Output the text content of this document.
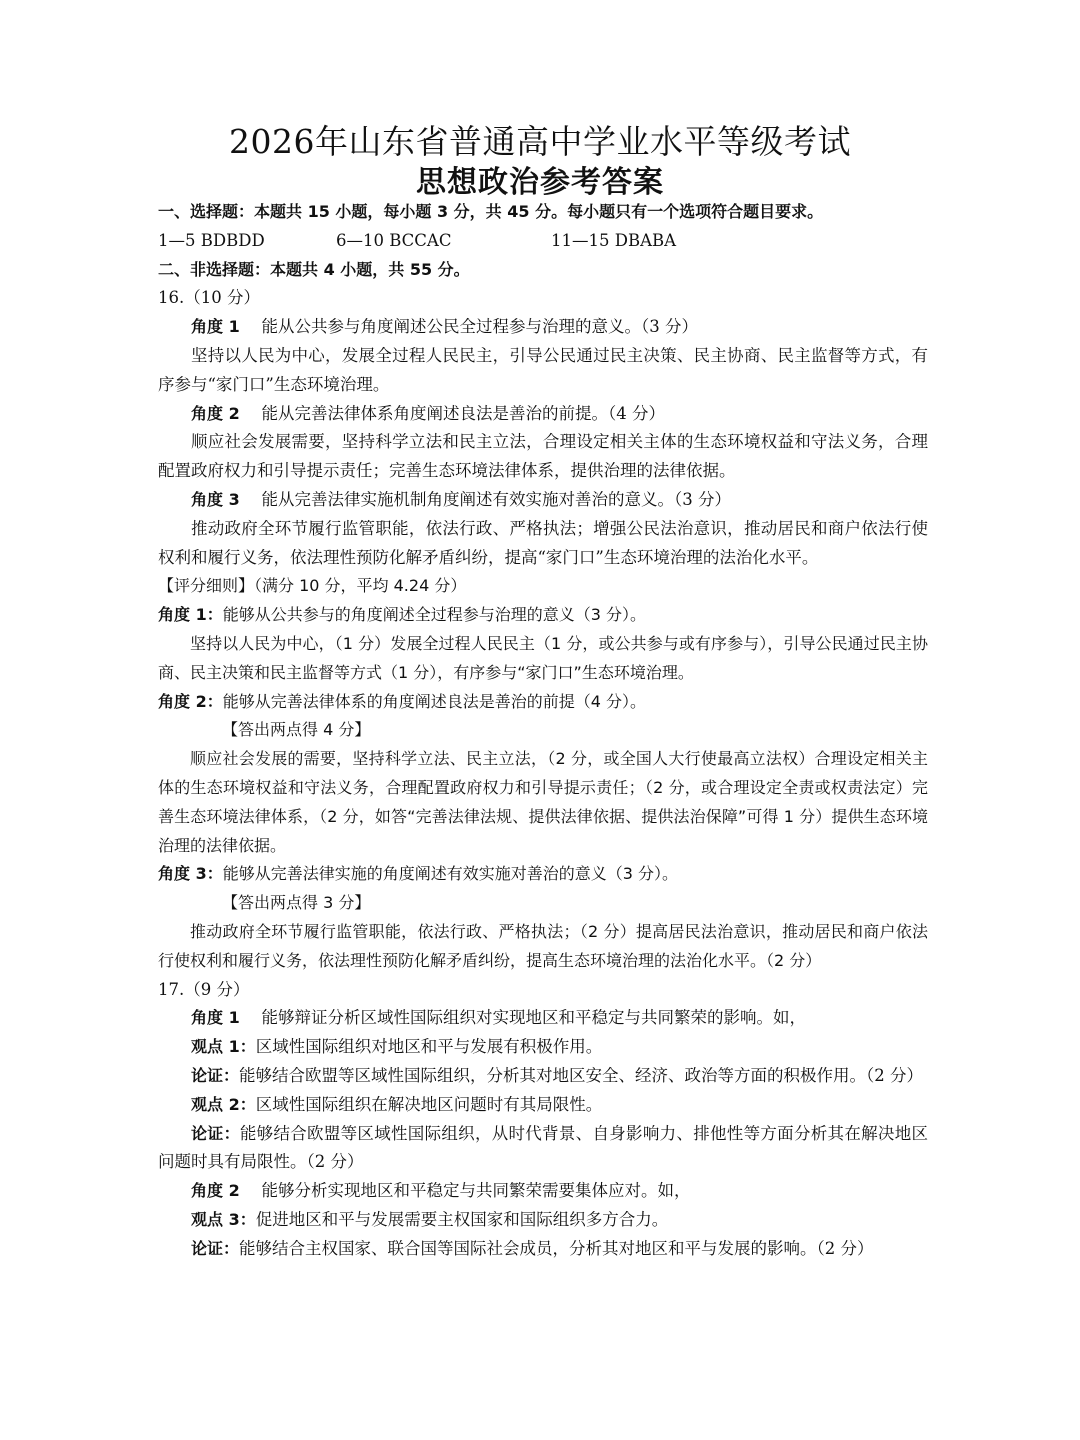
2026年山东省普通高中学业水平等级考试
思想政治参考答案

一、选择题：本题共 15 小题，每小题 3 分，共 45 分。每小题只有一个选项符合题目要求。

1—5 BDBDD	6—10 BCCAC	11—15 DBABA

二、非选择题：本题共 4 小题，共 55 分。

16.（10 分）

角度 1　 能从公共参与角度阐述公民全过程参与治理的意义。（3 分）

坚持以人民为中心，发展全过程人民民主，引导公民通过民主决策、民主协商、民主监督等方式，有序参与“家门口”生态环境治理。

角度 2　 能从完善法律体系角度阐述良法是善治的前提。（4 分）

顺应社会发展需要，坚持科学立法和民主立法，合理设定相关主体的生态环境权益和守法义务，合理配置政府权力和引导提示责任；完善生态环境法律体系，提供治理的法律依据。

角度 3　 能从完善法律实施机制角度阐述有效实施对善治的意义。（3 分）

推动政府全环节履行监管职能，依法行政、严格执法；增强公民法治意识，推动居民和商户依法行使权利和履行义务，依法理性预防化解矛盾纠纷，提高“家门口”生态环境治理的法治化水平。

【评分细则】（满分 10 分，平均 4.24 分）

角度 1：能够从公共参与的角度阐述全过程参与治理的意义（3 分）。

坚持以人民为中心，（1 分）发展全过程人民民主（1 分，或公共参与或有序参与），引导公民通过民主协商、民主决策和民主监督等方式（1 分），有序参与“家门口”生态环境治理。

角度 2：能够从完善法律体系的角度阐述良法是善治的前提（4 分）。

【答出两点得 4 分】

顺应社会发展的需要，坚持科学立法、民主立法，（2 分，或全国人大行使最高立法权）合理设定相关主体的生态环境权益和守法义务，合理配置政府权力和引导提示责任；（2 分，或合理设定全责或权责法定）完善生态环境法律体系，（2 分，如答“完善法律法规、提供法律依据、提供法治保障”可得 1 分）提供生态环境治理的法律依据。

角度 3：能够从完善法律实施的角度阐述有效实施对善治的意义（3 分）。

【答出两点得 3 分】

推动政府全环节履行监管职能，依法行政、严格执法；（2 分）提高居民法治意识，推动居民和商户依法行使权利和履行义务，依法理性预防化解矛盾纠纷，提高生态环境治理的法治化水平。（2 分）

17.（9 分）

角度 1　 能够辩证分析区域性国际组织对实现地区和平稳定与共同繁荣的影响。如，

观点 1：区域性国际组织对地区和平与发展有积极作用。

论证：能够结合欧盟等区域性国际组织，分析其对地区安全、经济、政治等方面的积极作用。（2 分）

观点 2：区域性国际组织在解决地区问题时有其局限性。

论证：能够结合欧盟等区域性国际组织，从时代背景、自身影响力、排他性等方面分析其在解决地区问题时具有局限性。（2 分）

角度 2　 能够分析实现地区和平稳定与共同繁荣需要集体应对。如，

观点 3：促进地区和平与发展需要主权国家和国际组织多方合力。

论证：能够结合主权国家、联合国等国际社会成员，分析其对地区和平与发展的影响。（2 分）
